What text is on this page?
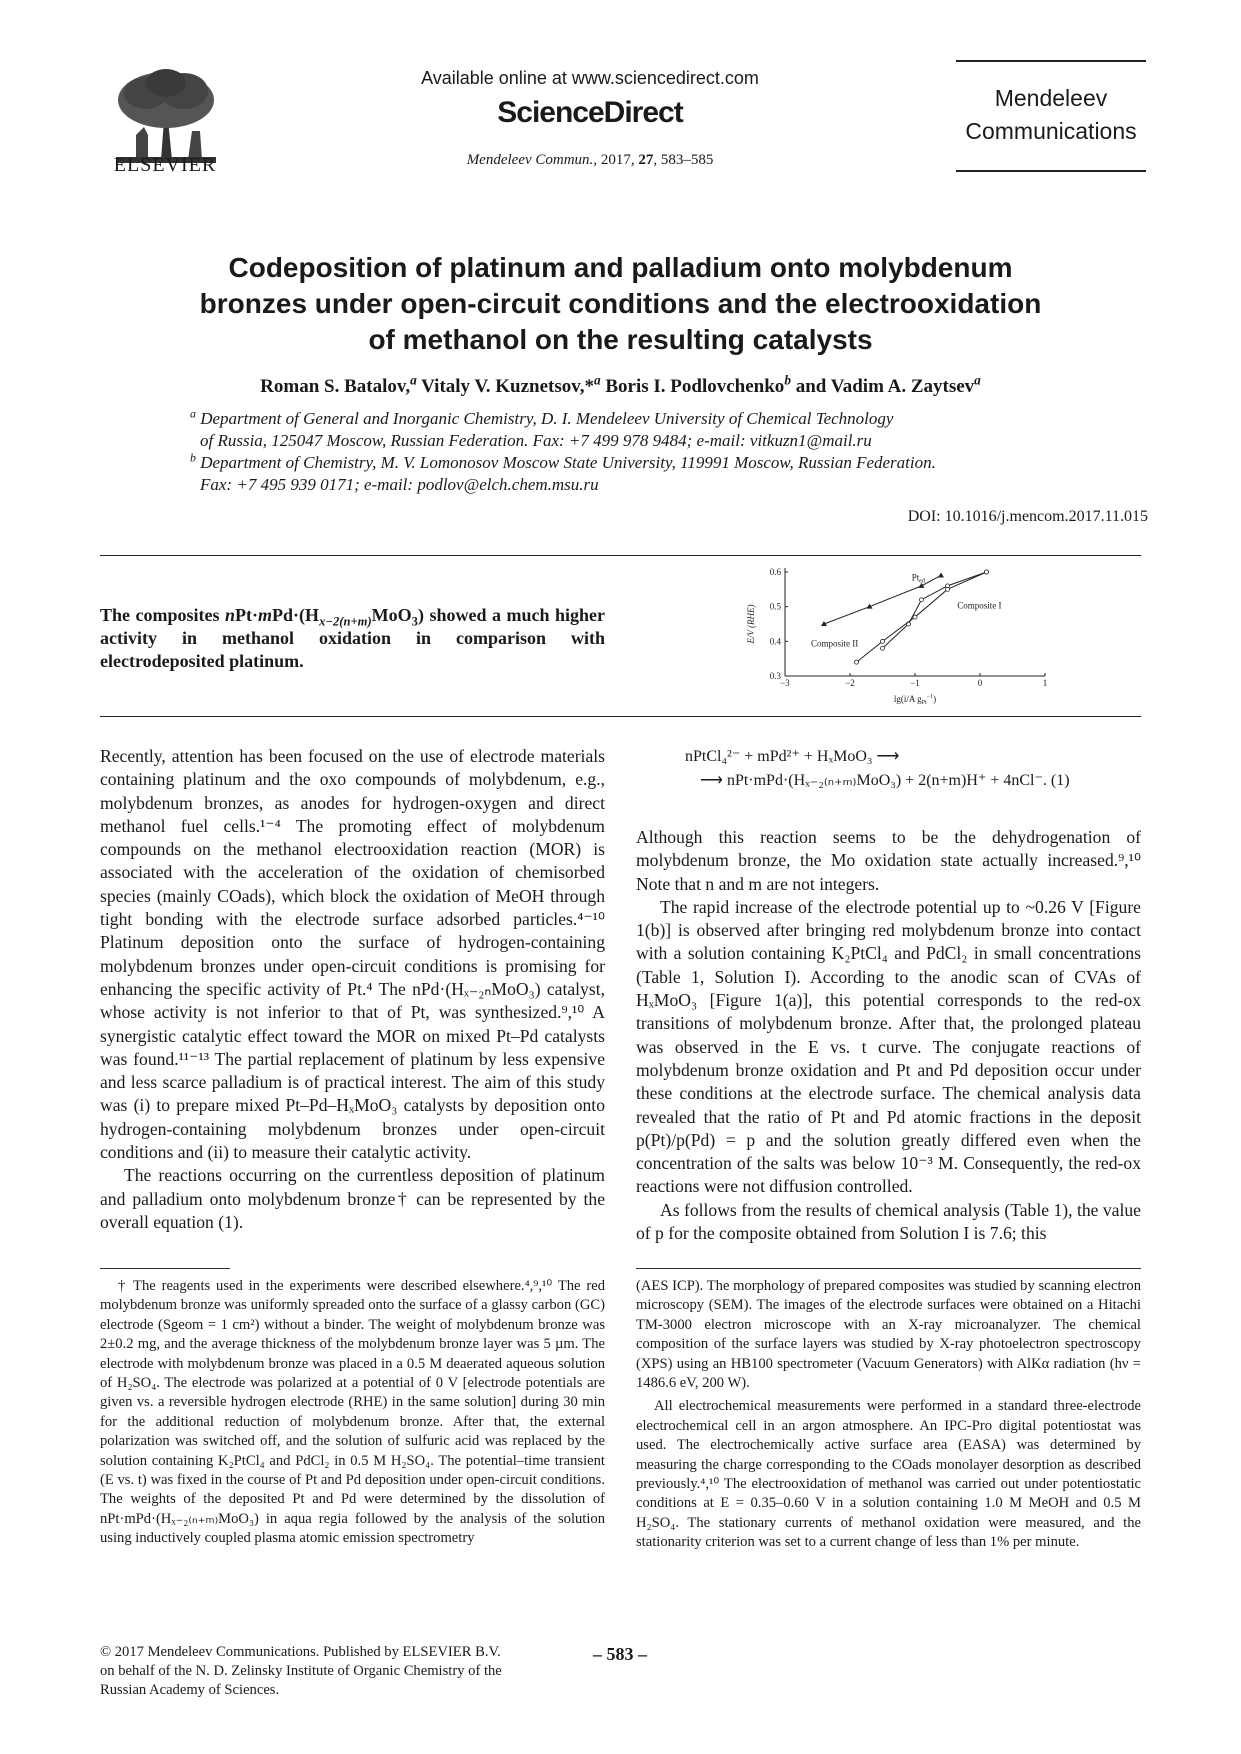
ELSEVIER
Available online at www.sciencedirect.com
ScienceDirect
Mendeleev Commun., 2017, 27, 583–585
Mendeleev
Communications
Codeposition of platinum and palladium onto molybdenum
bronzes under open-circuit conditions and the electrooxidation
of methanol on the resulting catalysts
Roman S. Batalov,$^a$ Vitaly V. Kuznetsov,*$^a$ Boris I. Podlovchenko$^b$ and Vadim A. Zaytsev$^a$
$^a$ Department of General and Inorganic Chemistry, D. I. Mendeleev University of Chemical Technology
of Russia, 125047 Moscow, Russian Federation. Fax: +7 499 978 9484; e-mail: vitkuzn1@mail.ru
$^b$ Department of Chemistry, M. V. Lomonosov Moscow State University, 119991 Moscow, Russian Federation.
Fax: +7 495 939 0171; e-mail: podlov@elch.chem.msu.ru
DOI: 10.1016/j.mencom.2017.11.015
The composites $nPt\cdot mPd\cdot(H_{x-2(n+m)}MoO_3)$ showed a much higher activity in methanol oxidation in comparison with electrodeposited platinum.
−3	−2	−1	0	1
0.3
0.4
0.5
0.6
lg(i/A $g_{Pt}^{-1}$)
E/V (RHE)
$Pt_{ed}$
Composite I
Composite II
nPtCl₄²⁻ + mPd²⁺ + HₓMoO₃ ⟶
⟶ nPt·mPd·(Hₓ₋₂₍ₙ₊ₘ₎MoO₃) + 2(n+m)H⁺ + 4nCl⁻. (1)

Recently, attention has been focused on the use of electrode materials containing platinum and the oxo compounds of molybdenum, e.g., molybdenum bronzes, as anodes for hydrogen-oxygen and direct methanol fuel cells.¹⁻⁴ The promoting effect of molybdenum compounds on the methanol electrooxidation reaction (MOR) is associated with the acceleration of the oxidation of chemisorbed species (mainly COads), which block the oxidation of MeOH through tight bonding with the electrode surface adsorbed particles.⁴⁻¹⁰ Platinum deposition onto the surface of hydrogen-containing molybdenum bronzes under open-circuit conditions is promising for enhancing the specific activity of Pt.⁴ The nPd·(Hₓ₋₂ₙMoO₃) catalyst, whose activity is not inferior to that of Pt, was synthesized.⁹,¹⁰ A synergistic catalytic effect toward the MOR on mixed Pt–Pd catalysts was found.¹¹⁻¹³ The partial replacement of platinum by less expensive and less scarce palladium is of practical interest. The aim of this study was (i) to prepare mixed Pt–Pd–HₓMoO₃ catalysts by deposition onto hydrogen-containing molybdenum bronzes under open-circuit conditions and (ii) to measure their catalytic activity.

The reactions occurring on the currentless deposition of platinum and palladium onto molybdenum bronze† can be represented by the overall equation (1).

Although this reaction seems to be the dehydrogenation of molybdenum bronze, the Mo oxidation state actually increased.⁹,¹⁰ Note that n and m are not integers.

The rapid increase of the electrode potential up to ~0.26 V [Figure 1(b)] is observed after bringing red molybdenum bronze into contact with a solution containing K₂PtCl₄ and PdCl₂ in small concentrations (Table 1, Solution I). According to the anodic scan of CVAs of HₓMoO₃ [Figure 1(a)], this potential corresponds to the red-ox transitions of molybdenum bronze. After that, the prolonged plateau was observed in the E vs. t curve. The conjugate reactions of molybdenum bronze oxidation and Pt and Pd deposition occur under these conditions at the electrode surface. The chemical analysis data revealed that the ratio of Pt and Pd atomic fractions in the deposit p(Pt)/p(Pd) = p and the solution greatly differed even when the concentration of the salts was below 10⁻³ M. Consequently, the red-ox reactions were not diffusion controlled.

As follows from the results of chemical analysis (Table 1), the value of p for the composite obtained from Solution I is 7.6; this

† The reagents used in the experiments were described elsewhere.⁴,⁹,¹⁰ The red molybdenum bronze was uniformly spreaded onto the surface of a glassy carbon (GC) electrode (Sgeom = 1 cm²) without a binder. The weight of molybdenum bronze was 2±0.2 mg, and the average thickness of the molybdenum bronze layer was 5 µm. The electrode with molybdenum bronze was placed in a 0.5 M deaerated aqueous solution of H₂SO₄. The electrode was polarized at a potential of 0 V [electrode potentials are given vs. a reversible hydrogen electrode (RHE) in the same solution] during 30 min for the additional reduction of molybdenum bronze. After that, the external polarization was switched off, and the solution of sulfuric acid was replaced by the solution containing K₂PtCl₄ and PdCl₂ in 0.5 M H₂SO₄. The potential–time transient (E vs. t) was fixed in the course of Pt and Pd deposition under open-circuit conditions. The weights of the deposited Pt and Pd were determined by the dissolution of nPt·mPd·(Hₓ₋₂₍ₙ₊ₘ₎MoO₃) in aqua regia followed by the analysis of the solution using inductively coupled plasma atomic emission spectrometry

(AES ICP). The morphology of prepared composites was studied by scanning electron microscopy (SEM). The images of the electrode surfaces were obtained on a Hitachi TM-3000 electron microscope with an X-ray microanalyzer. The chemical composition of the surface layers was studied by X-ray photoelectron spectroscopy (XPS) using an HB100 spectrometer (Vacuum Generators) with AlKα radiation (hν = 1486.6 eV, 200 W).

All electrochemical measurements were performed in a standard three-electrode electrochemical cell in an argon atmosphere. An IPC-Pro digital potentiostat was used. The electrochemically active surface area (EASA) was determined by measuring the charge corresponding to the COads monolayer desorption as described previously.⁴,¹⁰ The electrooxidation of methanol was carried out under potentiostatic conditions at E = 0.35–0.60 V in a solution containing 1.0 M MeOH and 0.5 M H₂SO₄. The stationary currents of methanol oxidation were measured, and the stationarity criterion was set to a current change of less than 1% per minute.

© 2017 Mendeleev Communications. Published by ELSEVIER B.V.
on behalf of the N. D. Zelinsky Institute of Organic Chemistry of the
Russian Academy of Sciences.
– 583 –
